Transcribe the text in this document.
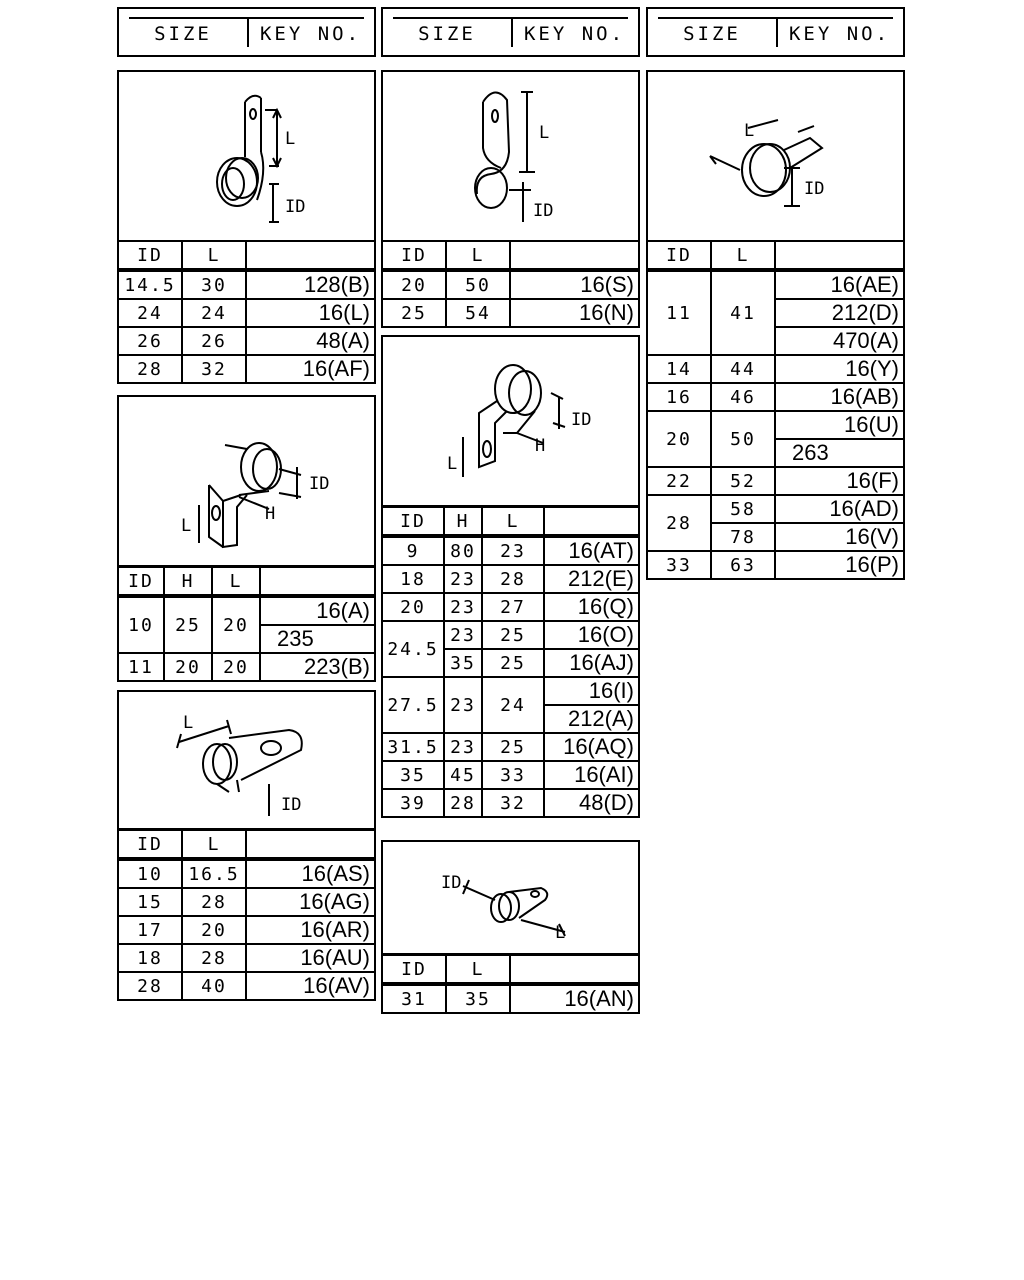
SIZE	KEY NO.	SIZE	KEY NO.	SIZE	KEY NO.
L
ID
ID	L	
14.5	30	128(B)
24	24	16(L)
26	26	48(A)
28	32	16(AF)
ID
H
L
ID	H	L	
10	25	20	16(A)
			235
11	20	20	223(B)
L
ID
ID	L	
10	16.5	16(AS)
15	28	16(AG)
17	20	16(AR)
18	28	16(AU)
28	40	16(AV)
L
ID
ID	L	
20	50	16(S)
25	54	16(N)
ID
H
L
ID	H	L	
9	80	23	16(AT)
18	23	28	212(E)
20	23	27	16(Q)
24.5	23	25	16(O)
	35	25	16(AJ)
27.5	23	24	16(I)
			212(A)
31.5	23	25	16(AQ)
35	45	33	16(AI)
39	28	32	48(D)
ID
L
ID	L	
31	35	16(AN)
L
ID
ID	L	
11	41	16(AE)
		212(D)
		470(A)
14	44	16(Y)
16	46	16(AB)
20	50	16(U)
		263
22	52	16(F)
28	58	16(AD)
	78	16(V)
33	63	16(P)
